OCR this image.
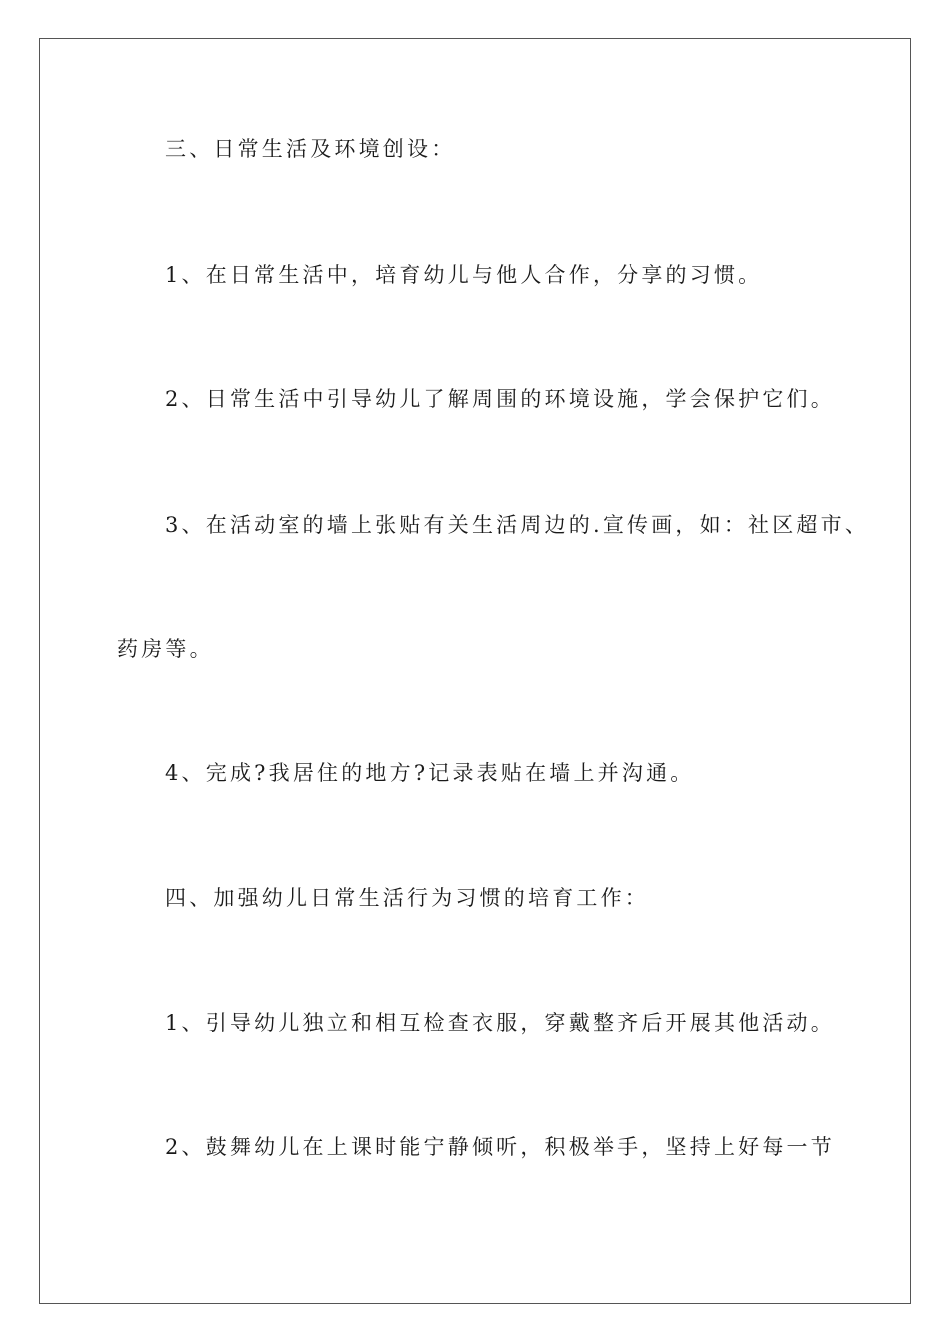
三、日常生活及环境创设：
1、在日常生活中，培育幼儿与他人合作，分享的习惯。
2、日常生活中引导幼儿了解周围的环境设施，学会保护它们。
3、在活动室的墙上张贴有关生活周边的.宣传画，如：社区超市、
药房等。
4、完成?我居住的地方?记录表贴在墙上并沟通。
四、加强幼儿日常生活行为习惯的培育工作：
1、引导幼儿独立和相互检查衣服，穿戴整齐后开展其他活动。
2、鼓舞幼儿在上课时能宁静倾听，积极举手，坚持上好每一节
